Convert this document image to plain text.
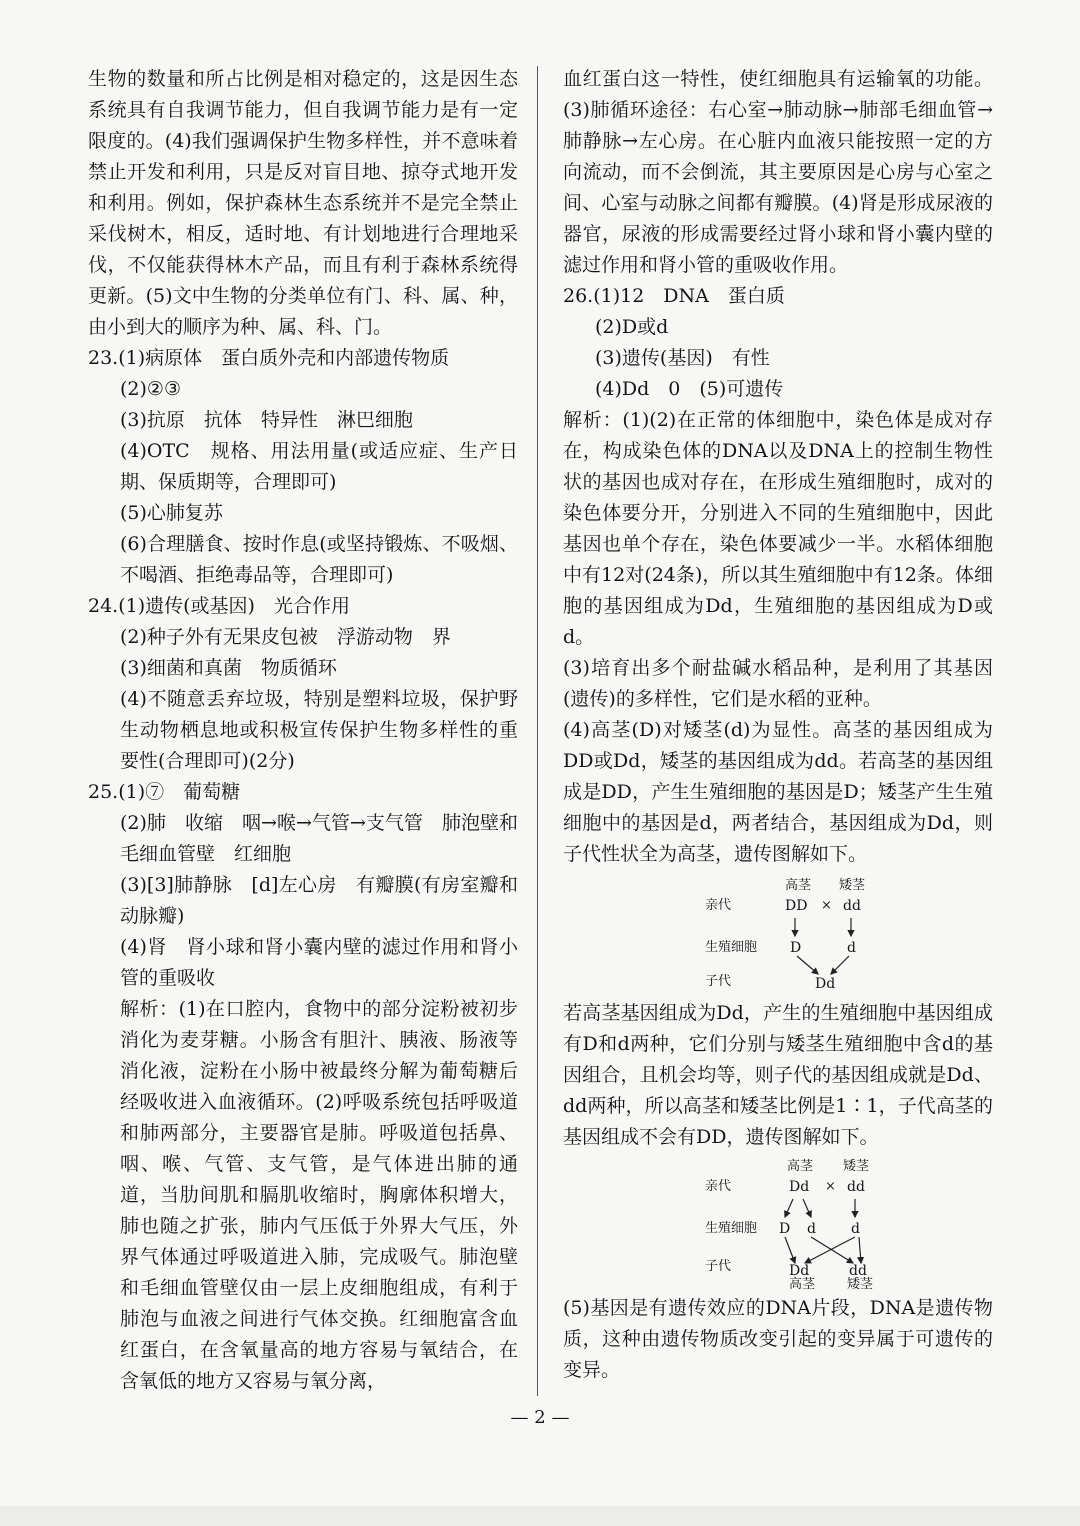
生物的数量和所占比例是相对稳定的，这是因生态系统具有自我调节能力，但自我调节能力是有一定限度的。(4)我们强调保护生物多样性，并不意味着禁止开发和利用，只是反对盲目地、掠夺式地开发和利用。例如，保护森林生态系统并不是完全禁止采伐树木，相反，适时地、有计划地进行合理地采伐，不仅能获得林木产品，而且有利于森林系统得更新。(5)文中生物的分类单位有门、科、属、种，由小到大的顺序为种、属、科、门。

23.(1)病原体　蛋白质外壳和内部遗传物质

(2)②③

(3)抗原　抗体　特异性　淋巴细胞

(4)OTC　规格、用法用量(或适应症、生产日期、保质期等，合理即可)

(5)心肺复苏

(6)合理膳食、按时作息(或坚持锻炼、不吸烟、不喝酒、拒绝毒品等，合理即可)

24.(1)遗传(或基因)　光合作用

(2)种子外有无果皮包被　浮游动物　界

(3)细菌和真菌　物质循环

(4)不随意丢弃垃圾，特别是塑料垃圾，保护野生动物栖息地或积极宣传保护生物多样性的重要性(合理即可)(2分)

25.(1)⑦　葡萄糖

(2)肺　收缩　咽→喉→气管→支气管　肺泡壁和毛细血管壁　红细胞

(3)[3]肺静脉　[d]左心房　有瓣膜(有房室瓣和动脉瓣)

(4)肾　肾小球和肾小囊内壁的滤过作用和肾小管的重吸收

解析：(1)在口腔内，食物中的部分淀粉被初步消化为麦芽糖。小肠含有胆汁、胰液、肠液等消化液，淀粉在小肠中被最终分解为葡萄糖后经吸收进入血液循环。(2)呼吸系统包括呼吸道和肺两部分，主要器官是肺。呼吸道包括鼻、咽、喉、气管、支气管，是气体进出肺的通道，当肋间肌和膈肌收缩时，胸廓体积增大，肺也随之扩张，肺内气压低于外界大气压，外界气体通过呼吸道进入肺，完成吸气。肺泡壁和毛细血管壁仅由一层上皮细胞组成，有利于肺泡与血液之间进行气体交换。红细胞富含血红蛋白，在含氧量高的地方容易与氧结合，在含氧低的地方又容易与氧分离，

血红蛋白这一特性，使红细胞具有运输氧的功能。(3)肺循环途径：右心室→肺动脉→肺部毛细血管→肺静脉→左心房。在心脏内血液只能按照一定的方向流动，而不会倒流，其主要原因是心房与心室之间、心室与动脉之间都有瓣膜。(4)肾是形成尿液的器官，尿液的形成需要经过肾小球和肾小囊内壁的滤过作用和肾小管的重吸收作用。

26.(1)12　DNA　蛋白质

(2)D或d

(3)遗传(基因)　有性

(4)Dd　0　(5)可遗传

解析：(1)(2)在正常的体细胞中，染色体是成对存在，构成染色体的DNA以及DNA上的控制生物性状的基因也成对存在，在形成生殖细胞时，成对的染色体要分开，分别进入不同的生殖细胞中，因此基因也单个存在，染色体要减少一半。水稻体细胞中有12对(24条)，所以其生殖细胞中有12条。体细胞的基因组成为Dd，生殖细胞的基因组成为D或d。

(3)培育出多个耐盐碱水稻品种，是利用了其基因(遗传)的多样性，它们是水稻的亚种。

(4)高茎(D)对矮茎(d)为显性。高茎的基因组成为DD或Dd，矮茎的基因组成为dd。若高茎的基因组成是DD，产生生殖细胞的基因是D；矮茎产生生殖细胞中的基因是d，两者结合，基因组成为Dd，则子代性状全为高茎，遗传图解如下。

高茎 矮茎
亲代	DD × dd
生殖细胞 D	d
子代	Dd

若高茎基因组成为Dd，产生的生殖细胞中基因组成有D和d两种，它们分别与矮茎生殖细胞中含d的基因组合，且机会均等，则子代的基因组成就是Dd、dd两种，所以高茎和矮茎比例是1∶1，子代高茎的基因组成不会有DD，遗传图解如下。

高茎 矮茎
亲代	Dd × dd
生殖细胞 D d	d
子代	Dd	dd
高茎 矮茎

(5)基因是有遗传效应的DNA片段，DNA是遗传物质，这种由遗传物质改变引起的变异属于可遗传的变异。

— 2 —
